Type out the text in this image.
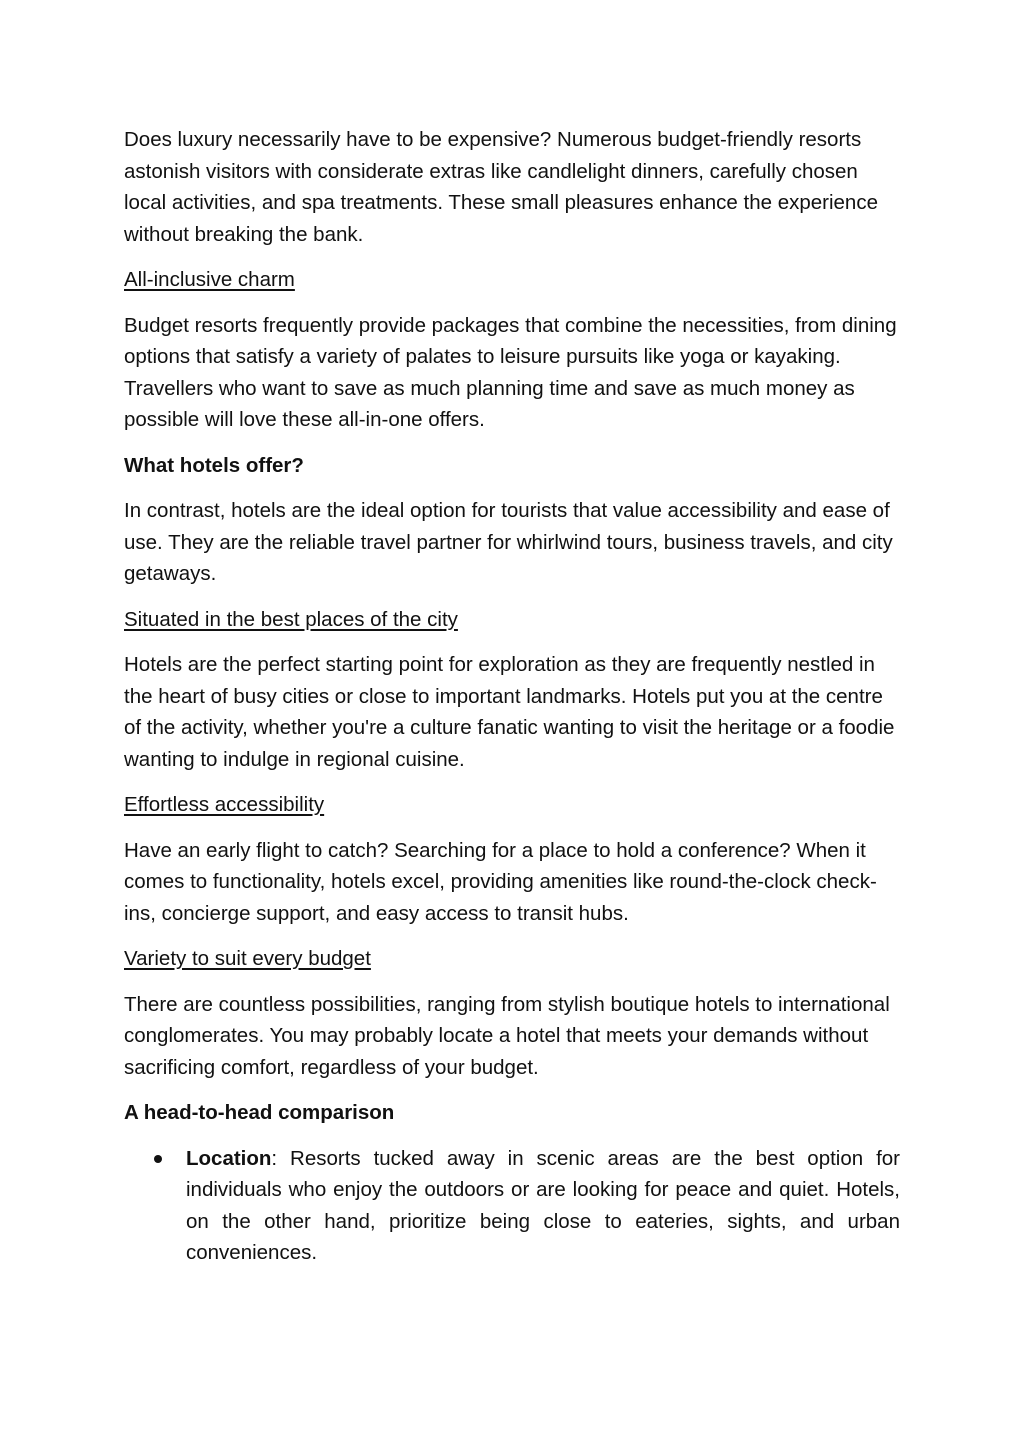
Does luxury necessarily have to be expensive? Numerous budget-friendly resorts astonish visitors with considerate extras like candlelight dinners, carefully chosen local activities, and spa treatments. These small pleasures enhance the experience without breaking the bank.

All-inclusive charm

Budget resorts frequently provide packages that combine the necessities, from dining options that satisfy a variety of palates to leisure pursuits like yoga or kayaking. Travellers who want to save as much planning time and save as much money as possible will love these all-in-one offers.

What hotels offer?

In contrast, hotels are the ideal option for tourists that value accessibility and ease of use. They are the reliable travel partner for whirlwind tours, business travels, and city getaways.

Situated in the best places of the city

Hotels are the perfect starting point for exploration as they are frequently nestled in the heart of busy cities or close to important landmarks. Hotels put you at the centre of the activity, whether you're a culture fanatic wanting to visit the heritage or a foodie wanting to indulge in regional cuisine.

Effortless accessibility

Have an early flight to catch? Searching for a place to hold a conference? When it comes to functionality, hotels excel, providing amenities like round-the-clock check-ins, concierge support, and easy access to transit hubs.

Variety to suit every budget

There are countless possibilities, ranging from stylish boutique hotels to international conglomerates. You may probably locate a hotel that meets your demands without sacrificing comfort, regardless of your budget.

A head-to-head comparison

Location: Resorts tucked away in scenic areas are the best option for individuals who enjoy the outdoors or are looking for peace and quiet. Hotels, on the other hand, prioritize being close to eateries, sights, and urban conveniences.
